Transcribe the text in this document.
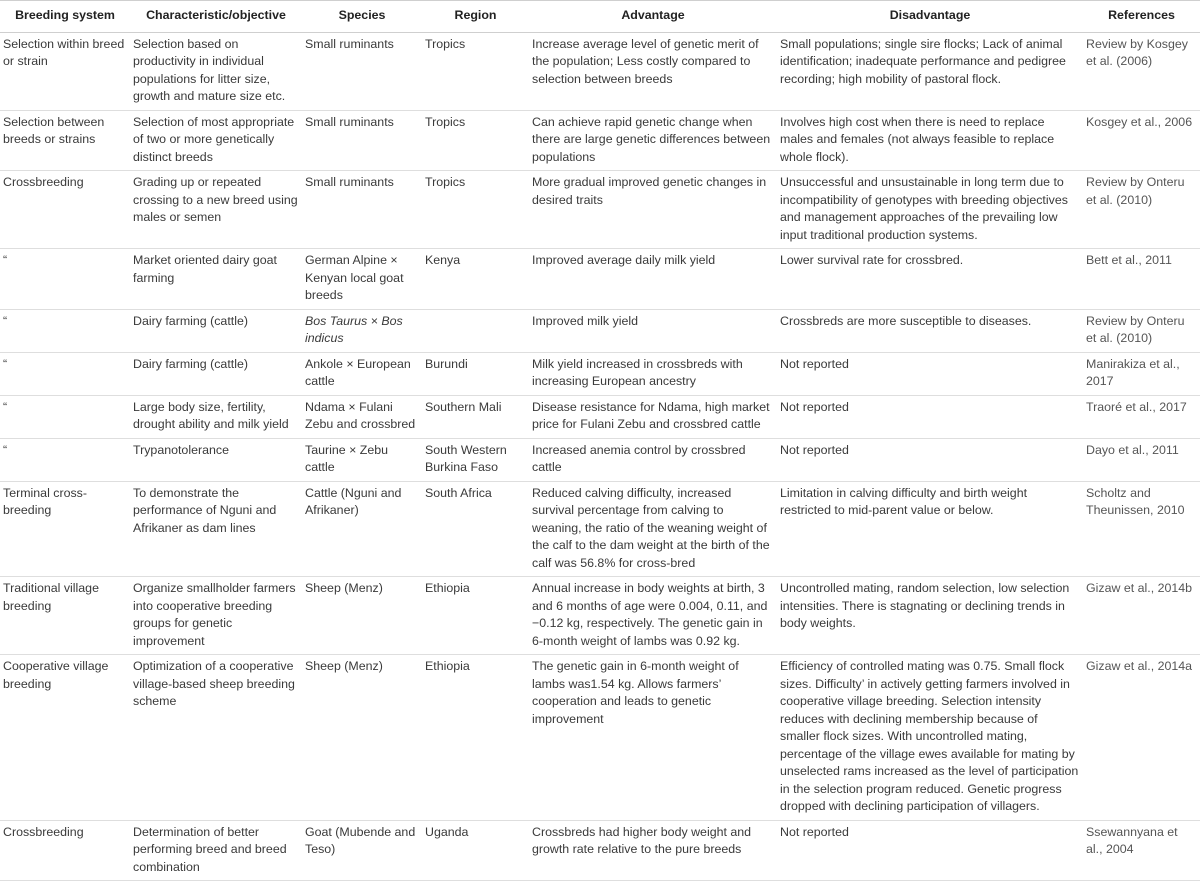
Breeding system	Characteristic/objective	Species	Region	Advantage	Disadvantage	References
Selection within breed or strain	Selection based on productivity in individual populations for litter size, growth and mature size etc.	Small ruminants	Tropics	Increase average level of genetic merit of the population; Less costly compared to selection between breeds	Small populations; single sire flocks; Lack of animal identification; inadequate performance and pedigree recording; high mobility of pastoral flock.	Review by Kosgey et al. (2006)
Selection between breeds or strains	Selection of most appropriate of two or more genetically distinct breeds	Small ruminants	Tropics	Can achieve rapid genetic change when there are large genetic differences between populations	Involves high cost when there is need to replace males and females (not always feasible to replace whole flock).	Kosgey et al., 2006
Crossbreeding	Grading up or repeated crossing to a new breed using males or semen	Small ruminants	Tropics	More gradual improved genetic changes in desired traits	Unsuccessful and unsustainable in long term due to incompatibility of genotypes with breeding objectives and management approaches of the prevailing low input traditional production systems.	Review by Onteru et al. (2010)
“	Market oriented dairy goat farming	German Alpine × Kenyan local goat breeds	Kenya	Improved average daily milk yield	Lower survival rate for crossbred.	Bett et al., 2011
“	Dairy farming (cattle)	Bos Taurus × Bos indicus		Improved milk yield	Crossbreds are more susceptible to diseases.	Review by Onteru et al. (2010)
“	Dairy farming (cattle)	Ankole × European cattle	Burundi	Milk yield increased in crossbreds with increasing European ancestry	Not reported	Manirakiza et al., 2017
“	Large body size, fertility, drought ability and milk yield	Ndama × Fulani Zebu and crossbred	Southern Mali	Disease resistance for Ndama, high market price for Fulani Zebu and crossbred cattle	Not reported	Traoré et al., 2017
“	Trypanotolerance	Taurine × Zebu cattle	South Western Burkina Faso	Increased anemia control by crossbred cattle	Not reported	Dayo et al., 2011
Terminal cross-breeding	To demonstrate the performance of Nguni and Afrikaner as dam lines	Cattle (Nguni and Afrikaner)	South Africa	Reduced calving difficulty, increased survival percentage from calving to weaning, the ratio of the weaning weight of the calf to the dam weight at the birth of the calf was 56.8% for cross-bred	Limitation in calving difficulty and birth weight restricted to mid-parent value or below.	Scholtz and Theunissen, 2010
Traditional village breeding	Organize smallholder farmers into cooperative breeding groups for genetic improvement	Sheep (Menz)	Ethiopia	Annual increase in body weights at birth, 3 and 6 months of age were 0.004, 0.11, and −0.12 kg, respectively. The genetic gain in 6-month weight of lambs was 0.92 kg.	Uncontrolled mating, random selection, low selection intensities. There is stagnating or declining trends in body weights.	Gizaw et al., 2014b
Cooperative village breeding	Optimization of a cooperative village-based sheep breeding scheme	Sheep (Menz)	Ethiopia	The genetic gain in 6-month weight of lambs was1.54 kg. Allows farmers’ cooperation and leads to genetic improvement	Efficiency of controlled mating was 0.75. Small flock sizes. Difficulty’ in actively getting farmers involved in cooperative village breeding. Selection intensity reduces with declining membership because of smaller flock sizes. With uncontrolled mating, percentage of the village ewes available for mating by unselected rams increased as the level of participation in the selection program reduced. Genetic progress dropped with declining participation of villagers.	Gizaw et al., 2014a
Crossbreeding	Determination of better performing breed and breed combination	Goat (Mubende and Teso)	Uganda	Crossbreds had higher body weight and growth rate relative to the pure breeds	Not reported	Ssewannyana et al., 2004
